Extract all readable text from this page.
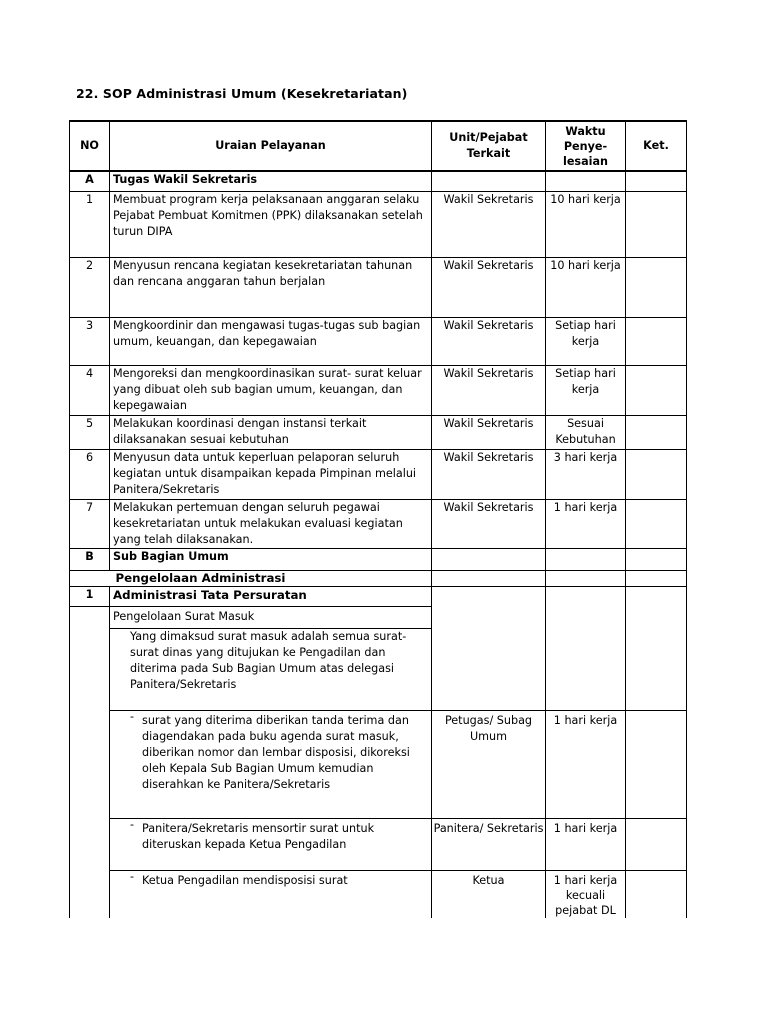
22. SOP Administrasi Umum (Kesekretariatan)
NO	Uraian Pelayanan	Unit/Pejabat Terkait	Waktu Penye- lesaian	Ket.
A	Tugas Wakil Sekretaris			
1	Membuat program kerja pelaksanaan anggaran selaku Pejabat Pembuat Komitmen (PPK) dilaksanakan setelah turun DIPA	Wakil Sekretaris	10 hari kerja	
2	Menyusun rencana kegiatan kesekretariatan tahunan dan rencana anggaran tahun berjalan	Wakil Sekretaris	10 hari kerja	
3	Mengkoordinir dan mengawasi tugas-tugas sub bagian umum, keuangan, dan kepegawaian	Wakil Sekretaris	Setiap hari kerja	
4	Mengoreksi dan mengkoordinasikan surat- surat keluar yang dibuat oleh sub bagian umum, keuangan, dan kepegawaian	Wakil Sekretaris	Setiap hari kerja	
5	Melakukan koordinasi dengan instansi terkait dilaksanakan sesuai kebutuhan	Wakil Sekretaris	Sesuai Kebutuhan	
6	Menyusun data untuk keperluan pelaporan seluruh kegiatan untuk disampaikan kepada Pimpinan melalui Panitera/Sekretaris	Wakil Sekretaris	3 hari kerja	
7	Melakukan pertemuan dengan seluruh pegawai kesekretariatan untuk melakukan evaluasi kegiatan yang telah dilaksanakan.	Wakil Sekretaris	1 hari kerja	
B	Sub Bagian Umum			
	Pengelolaan Administrasi			
1	Administrasi Tata Persuratan			
	Pengelolaan Surat Masuk			
	Yang dimaksud surat masuk adalah semua surat-surat dinas yang ditujukan ke Pengadilan dan diterima pada Sub Bagian Umum atas delegasi Panitera/Sekretaris			

	- surat yang diterima diberikan tanda terima dan diagendakan pada buku agenda surat masuk, diberikan nomor dan lembar disposisi, dikoreksi oleh Kepala Sub Bagian Umum kemudian diserahkan ke Panitera/Sekretaris	Petugas/ Subag Umum	1 hari kerja	

	- Panitera/Sekretaris mensortir surat untuk diteruskan kepada Ketua Pengadilan	Panitera/ Sekretaris	1 hari kerja	

	- Ketua Pengadilan mendisposisi surat	Ketua	1 hari kerja kecuali pejabat DL	
